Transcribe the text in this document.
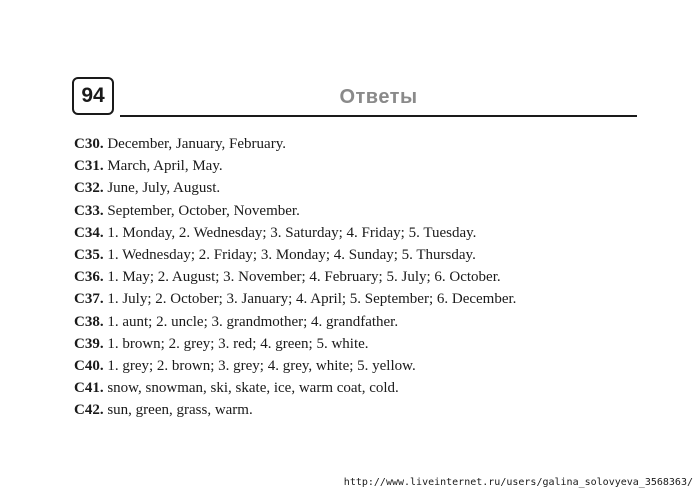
94	Ответы
C30. December, January, February.
C31. March, April, May.
C32. June, July, August.
C33. September, October, November.
C34. 1. Monday, 2. Wednesday; 3. Saturday; 4. Friday; 5. Tuesday.
C35. 1. Wednesday; 2. Friday; 3. Monday; 4. Sunday; 5. Thursday.
C36. 1. May; 2. August; 3. November; 4. February; 5. July; 6. October.
C37. 1. July; 2. October; 3. January; 4. April; 5. September; 6. December.
C38. 1. aunt; 2. uncle; 3. grandmother; 4. grandfather.
C39. 1. brown; 2. grey; 3. red; 4. green; 5. white.
C40. 1. grey; 2. brown; 3. grey; 4. grey, white; 5. yellow.
C41. snow, snowman, ski, skate, ice, warm coat, cold.
C42. sun, green, grass, warm.
http://www.liveinternet.ru/users/galina_solovyeva_3568363/
